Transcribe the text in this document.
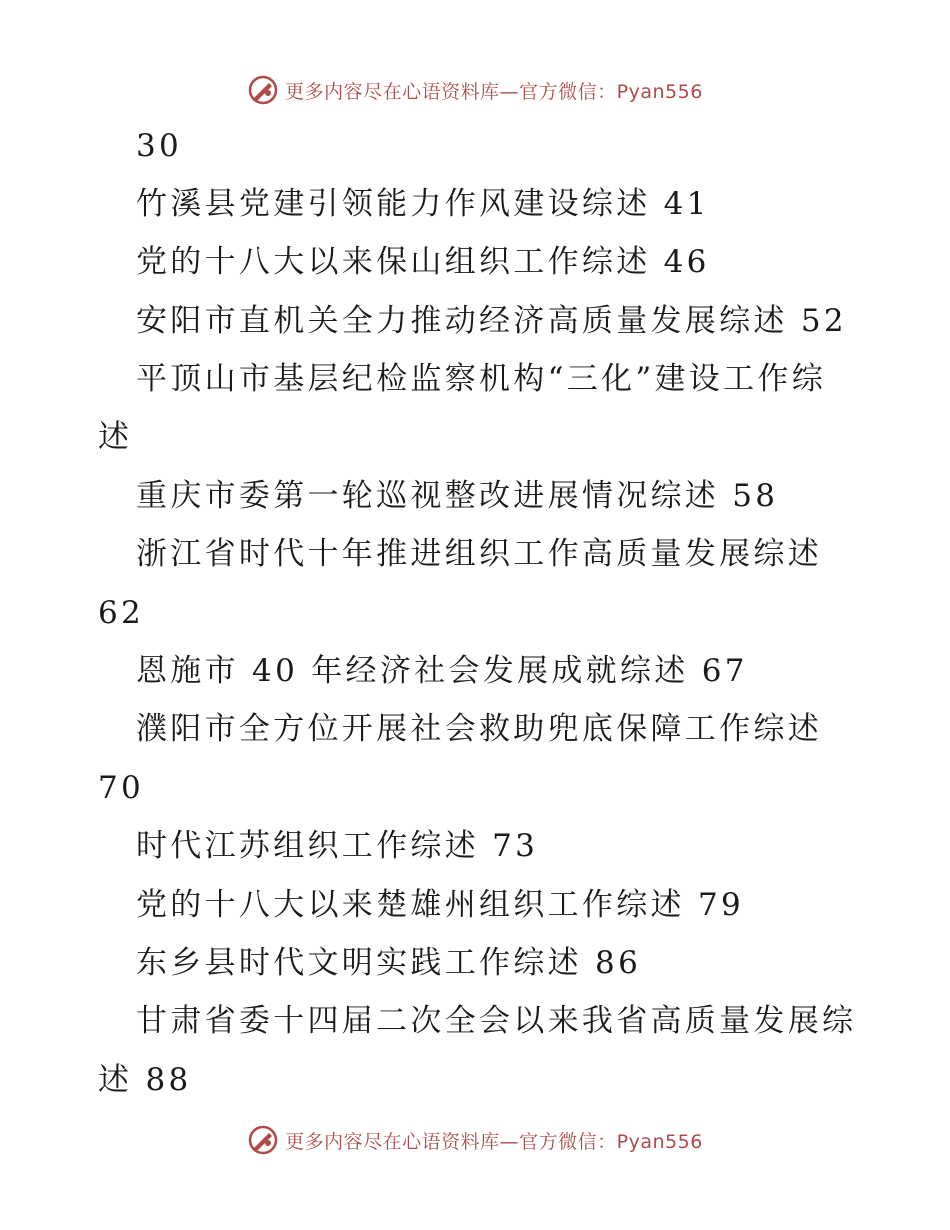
更多内容尽在心语资料库—官方微信：Pyan556
30
竹溪县党建引领能力作风建设综述 41
党的十八大以来保山组织工作综述 46
安阳市直机关全力推动经济高质量发展综述 52
平顶山市基层纪检监察机构“三化”建设工作综
述
重庆市委第一轮巡视整改进展情况综述 58
浙江省时代十年推进组织工作高质量发展综述
62
恩施市 40 年经济社会发展成就综述 67
濮阳市全方位开展社会救助兜底保障工作综述
70
时代江苏组织工作综述 73
党的十八大以来楚雄州组织工作综述 79
东乡县时代文明实践工作综述 86
甘肃省委十四届二次全会以来我省高质量发展综
述 88
更多内容尽在心语资料库—官方微信：Pyan556
